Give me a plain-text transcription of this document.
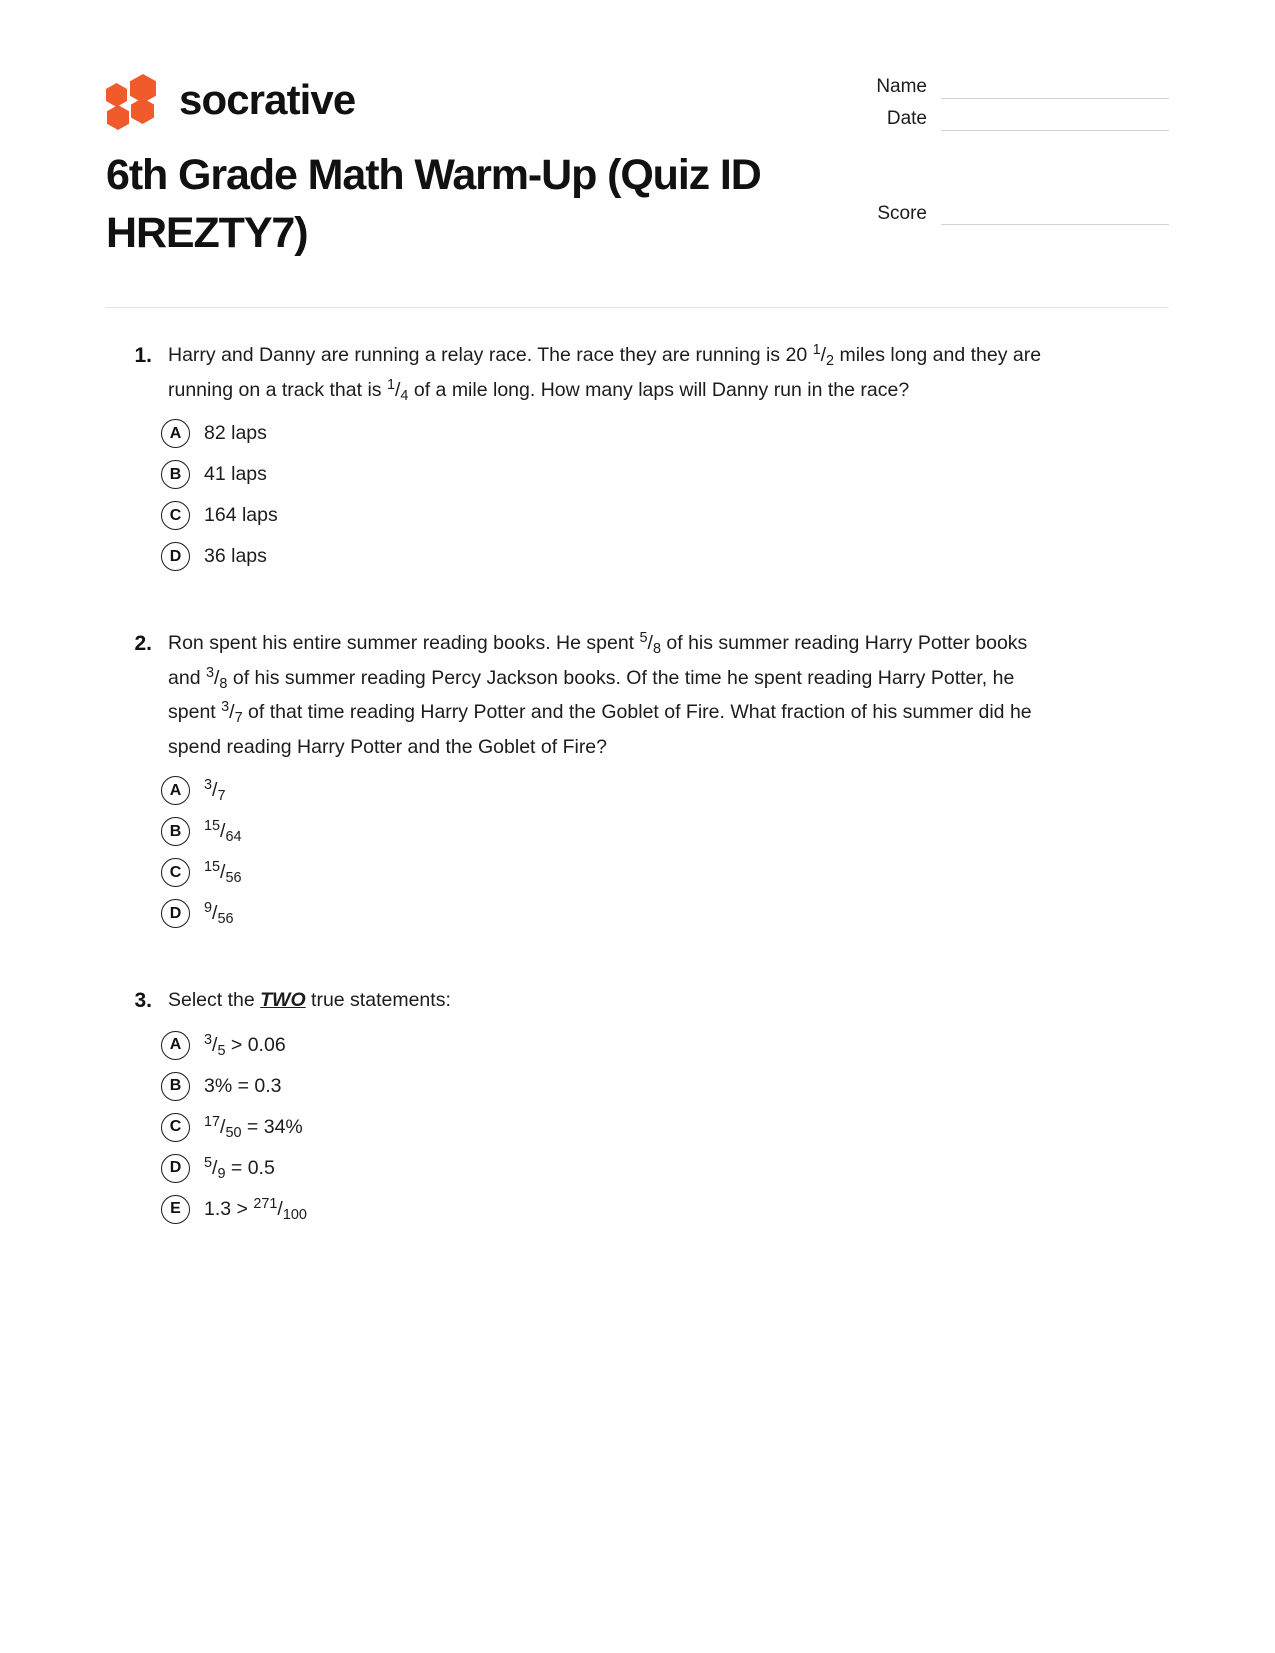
socrative	Name
Date
Score
6th Grade Math Warm-Up (Quiz ID HREZTY7)
1. Harry and Danny are running a relay race. The race they are running is 20 $^1/_2$ miles long and they are running on a track that is $^1/_4$ of a mile long. How many laps will Danny run in the race?
A	82 laps
B	41 laps
C	164 laps
D	36 laps
2. Ron spent his entire summer reading books. He spent $^5/_8$ of his summer reading Harry Potter books and $^3/_8$ of his summer reading Percy Jackson books. Of the time he spent reading Harry Potter, he spent $^3/_7$ of that time reading Harry Potter and the Goblet of Fire. What fraction of his summer did he spend reading Harry Potter and the Goblet of Fire?
A	$^3/_7$
B	$^{15}/_{64}$
C	$^{15}/_{56}$
D	$^9/_{56}$
3. Select the TWO true statements:
A	$^3/_5 > 0.06$
B	3% = 0.3
C	$^{17}/_{50} = 34\%$
D	$^5/_9 = 0.5$
E	$1.3 > ^{271}/_{100}$
